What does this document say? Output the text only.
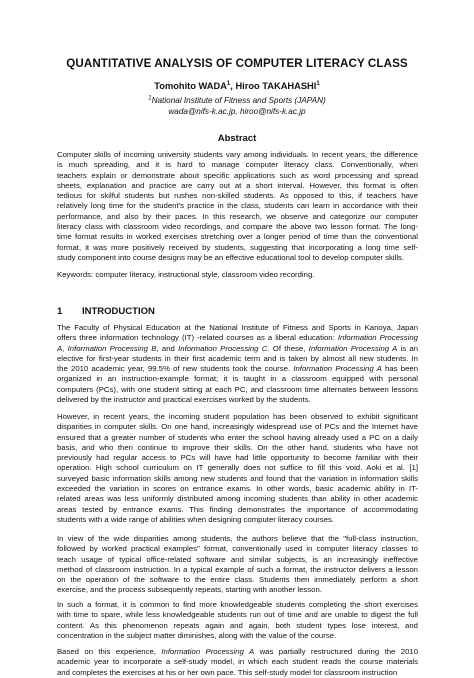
QUANTITATIVE ANALYSIS OF COMPUTER LITERACY CLASS
Tomohito WADA$^1$, Hiroo TAKAHASHI$^1$
$^1$National Institute of Fitness and Sports (JAPAN)
wada@nifs-k.ac.jp, hiroo@nifs-k.ac.jp
Abstract
Computer skills of incoming university students vary among individuals. In recent years, the difference
is much spreading, and it is hard to manage computer literacy class. Conventionally, when
teachers explain or demonstrate about specific applications such as word processing and spread
sheets, explanation and practice are carry out at a short interval. However, this format is often
tedious for skilful students but rushes non-skilled students. As opposed to this, if teachers have
relatively long time for the student's practice in the class, students can learn in accordance with their
performance, and also by their paces. In this research, we observe and categorize our computer
literacy class with classroom video recordings, and compare the above two lesson format. The long-
time format results in worked exercises stretching over a longer period of time than the conventional
format, it was more positively received by students, suggesting that incorporating a long time self-
study component into course designs may be an effective educational tool to develop computer skills.
Keywords: computer literacy, instructional style, classroom video recording.
1 INTRODUCTION
The Faculty of Physical Education at the National Institute of Fitness and Sports in Kanoya, Japan
offers three information technology (IT) -related courses as a liberal education: Information Processing
A, Information Processing B, and Information Processing C. Of these, Information Processing A is an
elective for first-year students in their first academic term and is taken by almost all new students. In
the 2010 academic year, 99.5% of new students took the course. Information Processing A has been
organized in an instruction-example format; it is taught in a classroom equipped with personal
computers (PCs), with one student sitting at each PC, and classroom time alternates between lessons
delivered by the instructor and practical exercises worked by the students.
However, in recent years, the incoming student population has been observed to exhibit significant
disparities in computer skills. On one hand, increasingly widespread use of PCs and the Internet have
ensured that a greater number of students who enter the school having already used a PC on a daily
basis, and who then continue to improve their skills. On the other hand, students who have not
previously had regular access to PCs will have had little opportunity to become familiar with their
operation. High school curriculum on IT generally does not suffice to fill this void. Aoki et al. [1]
surveyed basic information skills among new students and found that the variation in information skills
exceeded the variation in scores on entrance exams. In other words, basic academic ability in IT-
related areas was less uniformly distributed among incoming students than ability in other academic
areas tested by entrance exams. This finding demonstrates the importance of accommodating
students with a wide range of abilities when designing computer literacy courses.
In view of the wide disparities among students, the authors believe that the "full-class instruction,
followed by worked practical examples" format, conventionally used in computer literacy classes to
teach usage of typical office-related software and similar subjects, is an increasingly ineffective
method of classroom instruction. In a typical example of such a format, the instructor delivers a lesson
on the operation of the software to the entire class. Students then immediately perform a short
exercise, and the process subsequently repeats, starting with another lesson.
In such a format, it is common to find more knowledgeable students completing the short exercises
with time to spare, while less knowledgeable students run out of time and are unable to digest the full
content. As this phenomenon repeats again and again, both student types lose interest, and
concentration in the subject matter diminishes, along with the value of the course.
Based on this experience, Information Processing A was partially restructured during the 2010
academic year to incorporate a self-study model, in which each student reads the course materials
and completes the exercises at his or her own pace. This self-study model for classroom instruction
